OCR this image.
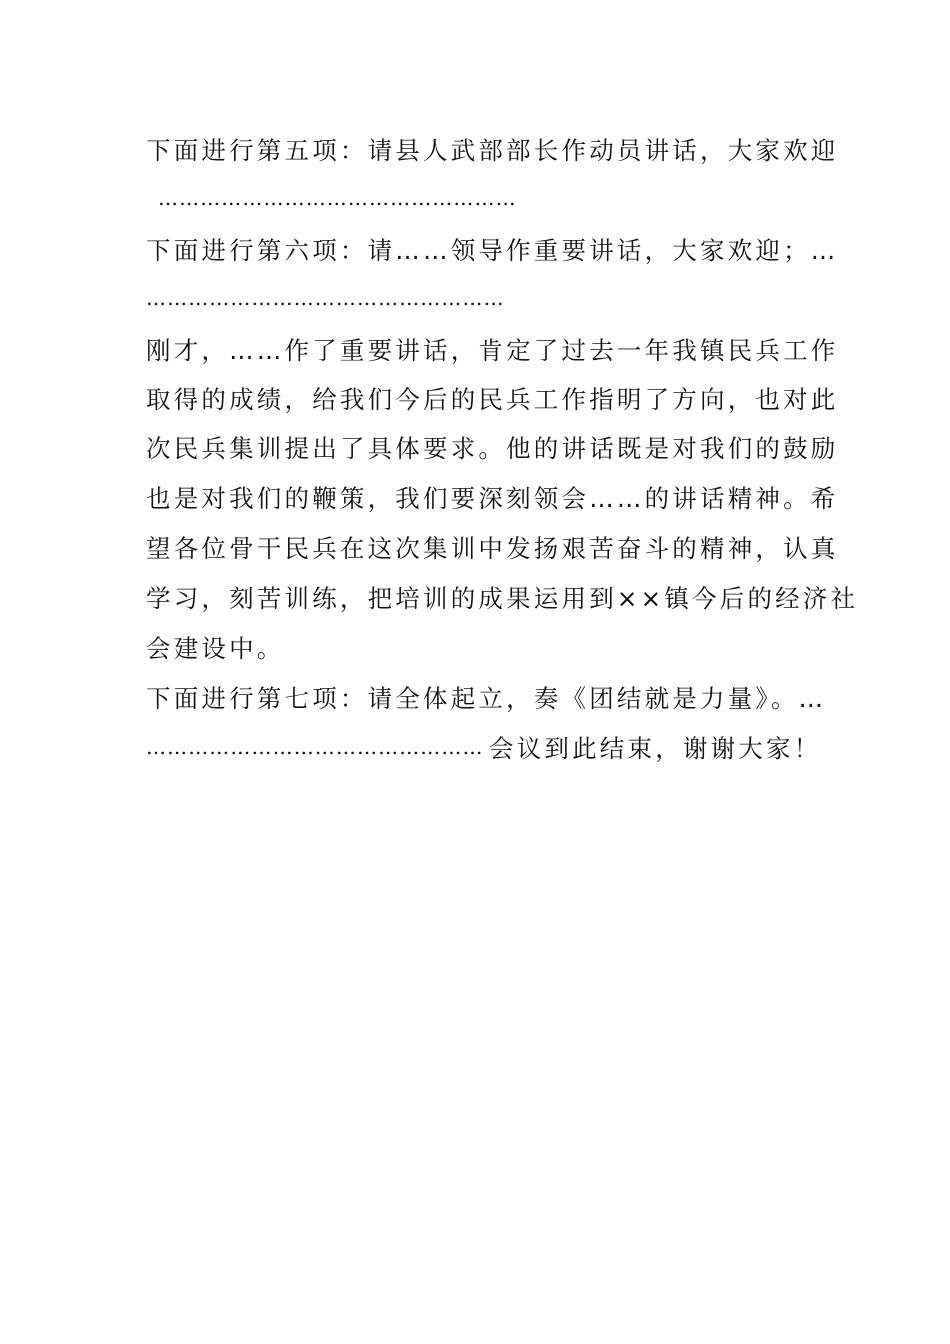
下面进行第五项：请县人武部部长作动员讲话，大家欢迎
……………………………………………
下面进行第六项：请……领导作重要讲话，大家欢迎；…
……………………………………………
刚才，……作了重要讲话，肯定了过去一年我镇民兵工作
取得的成绩，给我们今后的民兵工作指明了方向，也对此
次民兵集训提出了具体要求。他的讲话既是对我们的鼓励
也是对我们的鞭策，我们要深刻领会……的讲话精神。希
望各位骨干民兵在这次集训中发扬艰苦奋斗的精神，认真
学习，刻苦训练，把培训的成果运用到××镇今后的经济社
会建设中。
下面进行第七项：请全体起立，奏《团结就是力量》。…
………………………………………… 会议到此结束，谢谢大家！
